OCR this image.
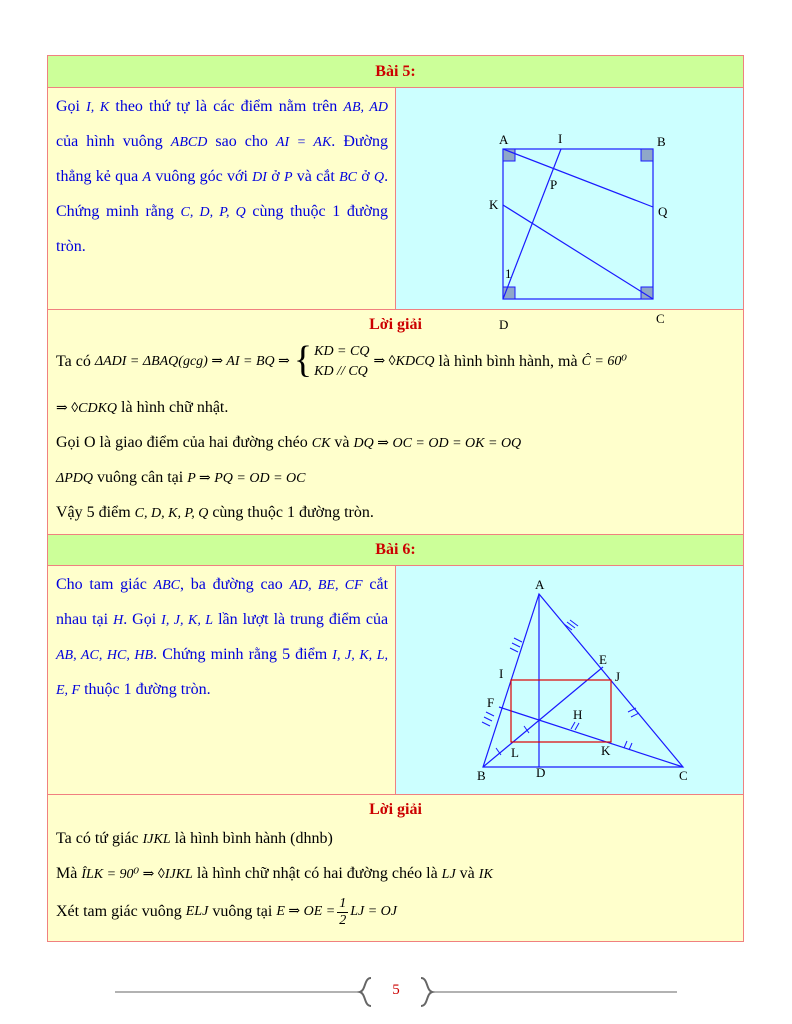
Bài 5:
Gọi I, K theo thứ tự là các điểm nằm trên AB, AD của hình vuông ABCD sao cho AI = AK. Đường thẳng kẻ qua A vuông góc với DI ở P và cắt BC ở Q. Chứng minh rằng C, D, P, Q cùng thuộc 1 đường tròn.
A	I	B
P
K	Q
1
D	C
Lời giải
Ta có
ΔADI = ΔBAQ(gcg) ⇒ AI = BQ ⇒ { KD = CQ
KD // CQ

⇒ ◊KDCQ
là hình bình hành, mà
Ĉ = 60⁰
⇒ ◊CDKQ là hình chữ nhật.
Gọi O là giao điểm của hai đường chéo CK và DQ ⇒ OC = OD = OK = OQ
ΔPDQ vuông cân tại P ⇒ PQ = OD = OC
Vậy 5 điểm C, D, K, P, Q cùng thuộc 1 đường tròn.
Bài 6:
Cho tam giác ABC, ba đường cao AD, BE, CF cắt nhau tại H. Gọi I, J, K, L lần lượt là trung điểm của AB, AC, HC, HB. Chứng minh rằng 5 điểm I, J, K, L, E, F thuộc 1 đường tròn.
A
E
I	J
F
H
L	K
B	D	C
Lời giải
Ta có tứ giác IJKL là hình bình hành (dhnb)
Mà ÎLK = 90⁰ ⇒ ◊IJKL là hình chữ nhật có hai đường chéo là LJ và IK
Xét tam giác vuông
ELJ
vuông tại
E ⇒ OE = $\frac{1}{2}$ LJ = OJ
5
